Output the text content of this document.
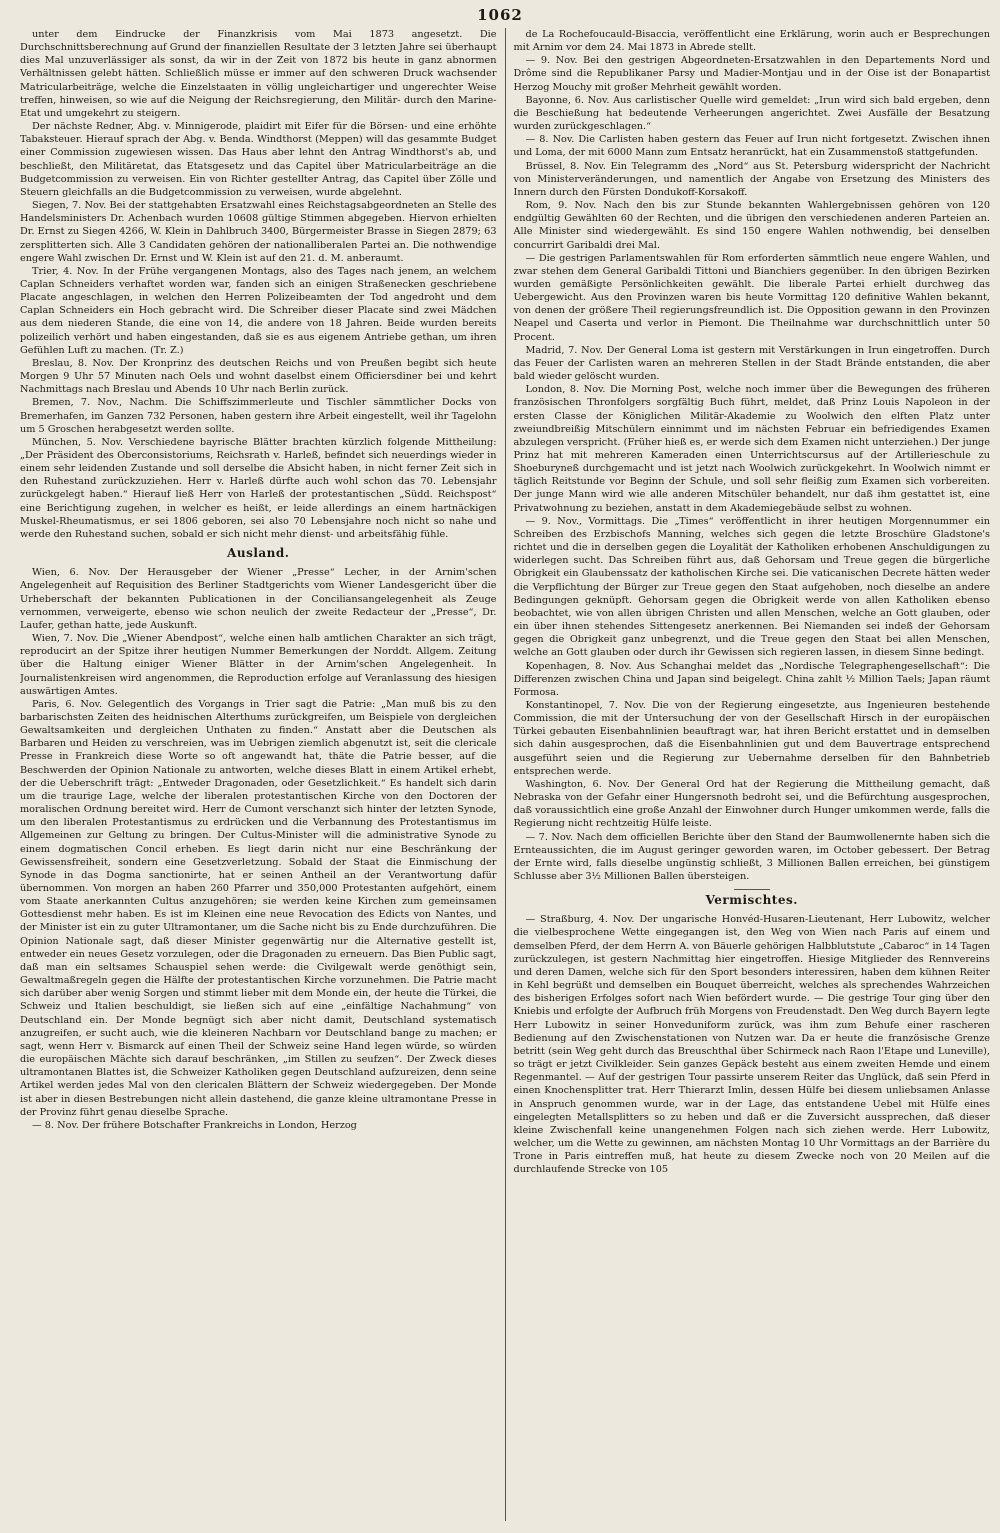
1062

unter dem Eindrucke der Finanzkrisis vom Mai 1873 angesetzt. Die Durchschnittsberechnung auf Grund der finanziellen Resultate der 3 letzten Jahre sei überhaupt dies Mal unzuverlässiger als sonst, da wir in der Zeit von 1872 bis heute in ganz abnormen Verhältnissen gelebt hätten. Schließlich müsse er immer auf den schweren Druck wachsender Matricularbeiträge, welche die Einzelstaaten in völlig ungleichartiger und ungerechter Weise treffen, hinweisen, so wie auf die Neigung der Reichsregierung, den Militär- durch den Marine-Etat und umgekehrt zu steigern.

Der nächste Redner, Abg. v. Minnigerode, plaidirt mit Eifer für die Börsen- und eine erhöhte Tabaksteuer. Hierauf sprach der Abg. v. Benda. Windthorst (Meppen) will das gesammte Budget einer Commission zugewiesen wissen. Das Haus aber lehnt den Antrag Windthorst's ab, und beschließt, den Militäretat, das Etatsgesetz und das Capitel über Matricularbeiträge an die Budgetcommission zu verweisen. Ein von Richter gestellter Antrag, das Capitel über Zölle und Steuern gleichfalls an die Budgetcommission zu verweisen, wurde abgelehnt.

Siegen, 7. Nov. Bei der stattgehabten Ersatzwahl eines Reichstagsabgeordneten an Stelle des Handelsministers Dr. Achenbach wurden 10608 gültige Stimmen abgegeben. Hiervon erhielten Dr. Ernst zu Siegen 4266, W. Klein in Dahlbruch 3400, Bürgermeister Brasse in Siegen 2879; 63 zersplitterten sich. Alle 3 Candidaten gehören der nationalliberalen Partei an. Die nothwendige engere Wahl zwischen Dr. Ernst und W. Klein ist auf den 21. d. M. anberaumt.

Trier, 4. Nov. In der Frühe vergangenen Montags, also des Tages nach jenem, an welchem Caplan Schneiders verhaftet worden war, fanden sich an einigen Straßenecken geschriebene Placate angeschlagen, in welchen den Herren Polizeibeamten der Tod angedroht und dem Caplan Schneiders ein Hoch gebracht wird. Die Schreiber dieser Placate sind zwei Mädchen aus dem niederen Stande, die eine von 14, die andere von 18 Jahren. Beide wurden bereits polizeilich verhört und haben eingestanden, daß sie es aus eigenem Antriebe gethan, um ihren Gefühlen Luft zu machen. (Tr. Z.)

Breslau, 8. Nov. Der Kronprinz des deutschen Reichs und von Preußen begibt sich heute Morgen 9 Uhr 57 Minuten nach Oels und wohnt daselbst einem Officiersdiner bei und kehrt Nachmittags nach Breslau und Abends 10 Uhr nach Berlin zurück.

Bremen, 7. Nov., Nachm. Die Schiffszimmerleute und Tischler sämmtlicher Docks von Bremerhafen, im Ganzen 732 Personen, haben gestern ihre Arbeit eingestellt, weil ihr Tagelohn um 5 Groschen herabgesetzt werden sollte.

München, 5. Nov. Verschiedene bayrische Blätter brachten kürzlich folgende Mittheilung: „Der Präsident des Oberconsistoriums, Reichsrath v. Harleß, befindet sich neuerdings wieder in einem sehr leidenden Zustande und soll derselbe die Absicht haben, in nicht ferner Zeit sich in den Ruhestand zurückzuziehen. Herr v. Harleß dürfte auch wohl schon das 70. Lebensjahr zurückgelegt haben.“ Hierauf ließ Herr von Harleß der protestantischen „Südd. Reichspost“ eine Berichtigung zugehen, in welcher es heißt, er leide allerdings an einem hartnäckigen Muskel-Rheumatismus, er sei 1806 geboren, sei also 70 Lebensjahre noch nicht so nahe und werde den Ruhestand suchen, sobald er sich nicht mehr dienst- und arbeitsfähig fühle.

Ausland.

Wien, 6. Nov. Der Herausgeber der Wiener „Presse“ Lecher, in der Arnim'schen Angelegenheit auf Requisition des Berliner Stadtgerichts vom Wiener Landesgericht über die Urheberschaft der bekannten Publicationen in der Conciliansangelegenheit als Zeuge vernommen, verweigerte, ebenso wie schon neulich der zweite Redacteur der „Presse“, Dr. Laufer, gethan hatte, jede Auskunft.

Wien, 7. Nov. Die „Wiener Abendpost“, welche einen halb amtlichen Charakter an sich trägt, reproducirt an der Spitze ihrer heutigen Nummer Bemerkungen der Norddt. Allgem. Zeitung über die Haltung einiger Wiener Blätter in der Arnim'schen Angelegenheit. In Journalistenkreisen wird angenommen, die Reproduction erfolge auf Veranlassung des hiesigen auswärtigen Amtes.

Paris, 6. Nov. Gelegentlich des Vorgangs in Trier sagt die Patrie: „Man muß bis zu den barbarischsten Zeiten des heidnischen Alterthums zurückgreifen, um Beispiele von dergleichen Gewaltsamkeiten und dergleichen Unthaten zu finden.“ Anstatt aber die Deutschen als Barbaren und Heiden zu verschreien, was im Uebrigen ziemlich abgenutzt ist, seit die clericale Presse in Frankreich diese Worte so oft angewandt hat, thäte die Patrie besser, auf die Beschwerden der Opinion Nationale zu antworten, welche dieses Blatt in einem Artikel erhebt, der die Ueberschrift trägt: „Entweder Dragonaden, oder Gesetzlichkeit.“ Es handelt sich darin um die traurige Lage, welche der liberalen protestantischen Kirche von den Doctoren der moralischen Ordnung bereitet wird. Herr de Cumont verschanzt sich hinter der letzten Synode, um den liberalen Protestantismus zu erdrücken und die Verbannung des Protestantismus im Allgemeinen zur Geltung zu bringen. Der Cultus-Minister will die administrative Synode zu einem dogmatischen Concil erheben. Es liegt darin nicht nur eine Beschränkung der Gewissensfreiheit, sondern eine Gesetzverletzung. Sobald der Staat die Einmischung der Synode in das Dogma sanctionirte, hat er seinen Antheil an der Verantwortung dafür übernommen. Von morgen an haben 260 Pfarrer und 350,000 Protestanten aufgehört, einem vom Staate anerkannten Cultus anzugehören; sie werden keine Kirchen zum gemeinsamen Gottesdienst mehr haben. Es ist im Kleinen eine neue Revocation des Edicts von Nantes, und der Minister ist ein zu guter Ultramontaner, um die Sache nicht bis zu Ende durchzuführen. Die Opinion Nationale sagt, daß dieser Minister gegenwärtig nur die Alternative gestellt ist, entweder ein neues Gesetz vorzulegen, oder die Dragonaden zu erneuern. Das Bien Public sagt, daß man ein seltsames Schauspiel sehen werde: die Civilgewalt werde genöthigt sein, Gewaltmaßregeln gegen die Hälfte der protestantischen Kirche vorzunehmen. Die Patrie macht sich darüber aber wenig Sorgen und stimmt lieber mit dem Monde ein, der heute die Türkei, die Schweiz und Italien beschuldigt, sie ließen sich auf eine „einfältige Nachahmung“ von Deutschland ein. Der Monde begnügt sich aber nicht damit, Deutschland systematisch anzugreifen, er sucht auch, wie die kleineren Nachbarn vor Deutschland bange zu machen; er sagt, wenn Herr v. Bismarck auf einen Theil der Schweiz seine Hand legen würde, so würden die europäischen Mächte sich darauf beschränken, „im Stillen zu seufzen“. Der Zweck dieses ultramontanen Blattes ist, die Schweizer Katholiken gegen Deutschland aufzureizen, denn seine Artikel werden jedes Mal von den clericalen Blättern der Schweiz wiedergegeben. Der Monde ist aber in diesen Bestrebungen nicht allein dastehend, die ganze kleine ultramontane Presse in der Provinz führt genau dieselbe Sprache.

— 8. Nov. Der frühere Botschafter Frankreichs in London, Herzog

de La Rochefoucauld-Bisaccia, veröffentlicht eine Erklärung, worin auch er Besprechungen mit Arnim vor dem 24. Mai 1873 in Abrede stellt.

— 9. Nov. Bei den gestrigen Abgeordneten-Ersatzwahlen in den Departements Nord und Drôme sind die Republikaner Parsy und Madier-Montjau und in der Oise ist der Bonapartist Herzog Mouchy mit großer Mehrheit gewählt worden.

Bayonne, 6. Nov. Aus carlistischer Quelle wird gemeldet: „Irun wird sich bald ergeben, denn die Beschießung hat bedeutende Verheerungen angerichtet. Zwei Ausfälle der Besatzung wurden zurückgeschlagen.“

— 8. Nov. Die Carlisten haben gestern das Feuer auf Irun nicht fortgesetzt. Zwischen ihnen und Loma, der mit 6000 Mann zum Entsatz heranrückt, hat ein Zusammenstoß stattgefunden.

Brüssel, 8. Nov. Ein Telegramm des „Nord“ aus St. Petersburg widerspricht der Nachricht von Ministerveränderungen, und namentlich der Angabe von Ersetzung des Ministers des Innern durch den Fürsten Dondukoff-Korsakoff.

Rom, 9. Nov. Nach den bis zur Stunde bekannten Wahlergebnissen gehören von 120 endgültig Gewählten 60 der Rechten, und die übrigen den verschiedenen anderen Parteien an. Alle Minister sind wiedergewählt. Es sind 150 engere Wahlen nothwendig, bei denselben concurrirt Garibaldi drei Mal.

— Die gestrigen Parlamentswahlen für Rom erforderten sämmtlich neue engere Wahlen, und zwar stehen dem General Garibaldi Tittoni und Bianchiers gegenüber. In den übrigen Bezirken wurden gemäßigte Persönlichkeiten gewählt. Die liberale Partei erhielt durchweg das Uebergewicht. Aus den Provinzen waren bis heute Vormittag 120 definitive Wahlen bekannt, von denen der größere Theil regierungsfreundlich ist. Die Opposition gewann in den Provinzen Neapel und Caserta und verlor in Piemont. Die Theilnahme war durchschnittlich unter 50 Procent.

Madrid, 7. Nov. Der General Loma ist gestern mit Verstärkungen in Irun eingetroffen. Durch das Feuer der Carlisten waren an mehreren Stellen in der Stadt Brände entstanden, die aber bald wieder gelöscht wurden.

London, 8. Nov. Die Morning Post, welche noch immer über die Bewegungen des früheren französischen Thronfolgers sorgfältig Buch führt, meldet, daß Prinz Louis Napoleon in der ersten Classe der Königlichen Militär-Akademie zu Woolwich den elften Platz unter zweiundbreißig Mitschülern einnimmt und im nächsten Februar ein befriedigendes Examen abzulegen verspricht. (Früher hieß es, er werde sich dem Examen nicht unterziehen.) Der junge Prinz hat mit mehreren Kameraden einen Unterrichtscursus auf der Artillerieschule zu Shoeburyneß durchgemacht und ist jetzt nach Woolwich zurückgekehrt. In Woolwich nimmt er täglich Reitstunde vor Beginn der Schule, und soll sehr fleißig zum Examen sich vorbereiten. Der junge Mann wird wie alle anderen Mitschüler behandelt, nur daß ihm gestattet ist, eine Privatwohnung zu beziehen, anstatt in dem Akademiegebäude selbst zu wohnen.

— 9. Nov., Vormittags. Die „Times“ veröffentlicht in ihrer heutigen Morgennummer ein Schreiben des Erzbischofs Manning, welches sich gegen die letzte Broschüre Gladstone's richtet und die in derselben gegen die Loyalität der Katholiken erhobenen Anschuldigungen zu widerlegen sucht. Das Schreiben führt aus, daß Gehorsam und Treue gegen die bürgerliche Obrigkeit ein Glaubenssatz der katholischen Kirche sei. Die vaticanischen Decrete hätten weder die Verpflichtung der Bürger zur Treue gegen den Staat aufgehoben, noch dieselbe an andere Bedingungen geknüpft. Gehorsam gegen die Obrigkeit werde von allen Katholiken ebenso beobachtet, wie von allen übrigen Christen und allen Menschen, welche an Gott glauben, oder ein über ihnen stehendes Sittengesetz anerkennen. Bei Niemanden sei indeß der Gehorsam gegen die Obrigkeit ganz unbegrenzt, und die Treue gegen den Staat bei allen Menschen, welche an Gott glauben oder durch ihr Gewissen sich regieren lassen, in diesem Sinne bedingt.

Kopenhagen, 8. Nov. Aus Schanghai meldet das „Nordische Telegraphengesellschaft“: Die Differenzen zwischen China und Japan sind beigelegt. China zahlt ½ Million Taels; Japan räumt Formosa.

Konstantinopel, 7. Nov. Die von der Regierung eingesetzte, aus Ingenieuren bestehende Commission, die mit der Untersuchung der von der Gesellschaft Hirsch in der europäischen Türkei gebauten Eisenbahnlinien beauftragt war, hat ihren Bericht erstattet und in demselben sich dahin ausgesprochen, daß die Eisenbahnlinien gut und dem Bauvertrage entsprechend ausgeführt seien und die Regierung zur Uebernahme derselben für den Bahnbetrieb entsprechen werde.

Washington, 6. Nov. Der General Ord hat der Regierung die Mittheilung gemacht, daß Nebraska von der Gefahr einer Hungersnoth bedroht sei, und die Befürchtung ausgesprochen, daß voraussichtlich eine große Anzahl der Einwohner durch Hunger umkommen werde, falls die Regierung nicht rechtzeitig Hülfe leiste.

— 7. Nov. Nach dem officiellen Berichte über den Stand der Baumwollenernte haben sich die Ernteaussichten, die im August geringer geworden waren, im October gebessert. Der Betrag der Ernte wird, falls dieselbe ungünstig schließt, 3 Millionen Ballen erreichen, bei günstigem Schlusse aber 3½ Millionen Ballen übersteigen.

Vermischtes.

— Straßburg, 4. Nov. Der ungarische Honvéd-Husaren-Lieutenant, Herr Lubowitz, welcher die vielbesprochene Wette eingegangen ist, den Weg von Wien nach Paris auf einem und demselben Pferd, der dem Herrn A. von Bäuerle gehörigen Halbblutstute „Cabaroc“ in 14 Tagen zurückzulegen, ist gestern Nachmittag hier eingetroffen. Hiesige Mitglieder des Rennvereins und deren Damen, welche sich für den Sport besonders interessiren, haben dem kühnen Reiter in Kehl begrüßt und demselben ein Bouquet überreicht, welches als sprechendes Wahrzeichen des bisherigen Erfolges sofort nach Wien befördert wurde. — Die gestrige Tour ging über den Kniebis und erfolgte der Aufbruch früh Morgens von Freudenstadt. Den Weg durch Bayern legte Herr Lubowitz in seiner Honveduniform zurück, was ihm zum Behufe einer rascheren Bedienung auf den Zwischenstationen von Nutzen war. Da er heute die französische Grenze betritt (sein Weg geht durch das Breuschthal über Schirmeck nach Raon l'Etape und Luneville), so trägt er jetzt Civilkleider. Sein ganzes Gepäck besteht aus einem zweiten Hemde und einem Regenmantel. — Auf der gestrigen Tour passirte unserem Reiter das Unglück, daß sein Pferd in einen Knochensplitter trat. Herr Thierarzt Imlin, dessen Hülfe bei diesem unliebsamen Anlasse in Anspruch genommen wurde, war in der Lage, das entstandene Uebel mit Hülfe eines eingelegten Metallsplitters so zu heben und daß er die Zuversicht aussprechen, daß dieser kleine Zwischenfall keine unangenehmen Folgen nach sich ziehen werde. Herr Lubowitz, welcher, um die Wette zu gewinnen, am nächsten Montag 10 Uhr Vormittags an der Barrière du Trone in Paris eintreffen muß, hat heute zu diesem Zwecke noch von 20 Meilen auf die durchlaufende Strecke von 105
